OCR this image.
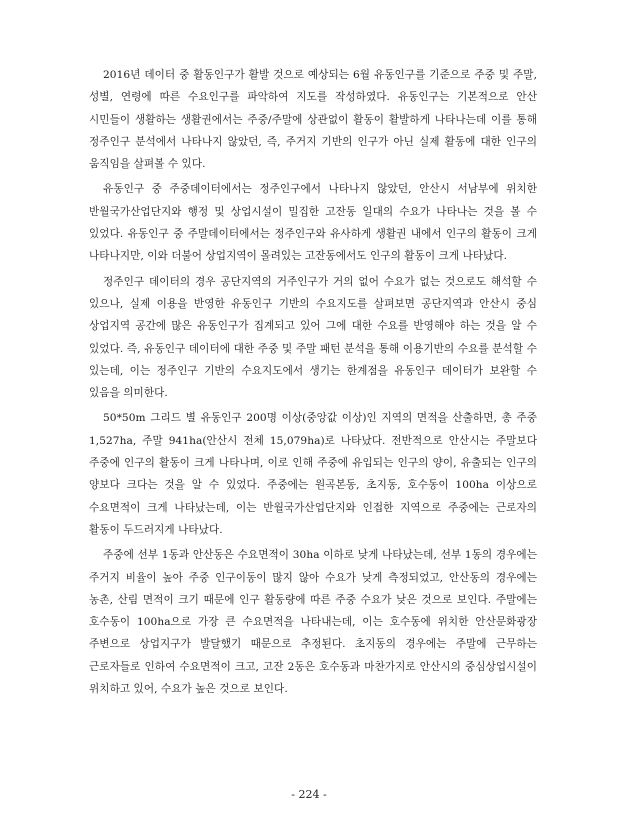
2016년 데이터 중 활동인구가 활발 것으로 예상되는 6월 유동인구를 기준으로 주중 및 주말, 성별, 연령에 따른 수요인구를 파악하여 지도를 작성하였다. 유동인구는 기본적으로 안산 시민들이 생활하는 생활권에서는 주중/주말에 상관없이 활동이 활발하게 나타나는데 이를 통해 정주인구 분석에서 나타나지 않았던, 즉, 주거지 기반의 인구가 아닌 실제 활동에 대한 인구의 움직임을 살펴볼 수 있다.

유동인구 중 주중데이터에서는 정주인구에서 나타나지 않았던, 안산시 서남부에 위치한 반월국가산업단지와 행정 및 상업시설이 밀집한 고잔동 일대의 수요가 나타나는 것을 볼 수 있었다. 유동인구 중 주말데이터에서는 정주인구와 유사하게 생활권 내에서 인구의 활동이 크게 나타나지만, 이와 더불어 상업지역이 몰려있는 고잔동에서도 인구의 활동이 크게 나타났다.

정주인구 데이터의 경우 공단지역의 거주인구가 거의 없어 수요가 없는 것으로도 해석할 수 있으나, 실제 이용을 반영한 유동인구 기반의 수요지도를 살펴보면 공단지역과 안산시 중심 상업지역 공간에 많은 유동인구가 집계되고 있어 그에 대한 수요를 반영해야 하는 것을 알 수 있었다. 즉, 유동인구 데이터에 대한 주중 및 주말 패턴 분석을 통해 이용기반의 수요를 분석할 수 있는데, 이는 정주인구 기반의 수요지도에서 생기는 한계점을 유동인구 데이터가 보완할 수 있음을 의미한다.

50*50m 그리드 별 유동인구 200명 이상(중앙값 이상)인 지역의 면적을 산출하면, 총 주중 1,527ha, 주말 941ha(안산시 전체 15,079ha)로 나타났다. 전반적으로 안산시는 주말보다 주중에 인구의 활동이 크게 나타나며, 이로 인해 주중에 유입되는 인구의 양이, 유출되는 인구의 양보다 크다는 것을 알 수 있었다. 주중에는 원곡본동, 초지동, 호수동이 100ha 이상으로 수요면적이 크게 나타났는데, 이는 반월국가산업단지와 인접한 지역으로 주중에는 근로자의 활동이 두드러지게 나타났다.

주중에 선부 1동과 안산동은 수요면적이 30ha 이하로 낮게 나타났는데, 선부 1동의 경우에는 주거지 비율이 높아 주중 인구이동이 많지 않아 수요가 낮게 측정되었고, 안산동의 경우에는 농촌, 산림 면적이 크기 때문에 인구 활동량에 따른 주중 수요가 낮은 것으로 보인다. 주말에는 호수동이 100ha으로 가장 큰 수요면적을 나타내는데, 이는 호수동에 위치한 안산문화광장 주변으로 상업지구가 발달했기 때문으로 추정된다. 초지동의 경우에는 주말에 근무하는 근로자들로 인하여 수요면적이 크고, 고잔 2동은 호수동과 마찬가지로 안산시의 중심상업시설이 위치하고 있어, 수요가 높은 것으로 보인다.

- 224 -
